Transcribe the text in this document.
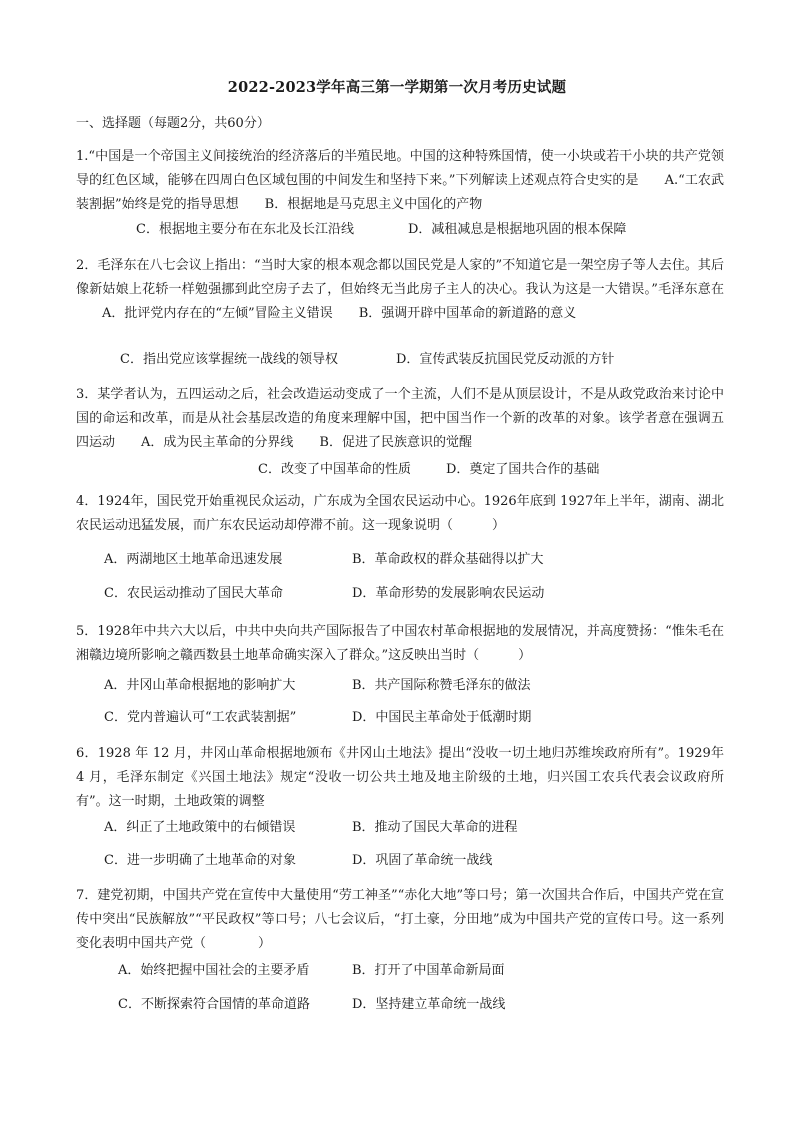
2022-2023学年高三第一学期第一次月考历史试题
一、选择题（每题2分，共60分）
1.“中国是一个帝国主义间接统治的经济落后的半殖民地。中国的这种特殊国情，使一小块或若干小块的共产党领导的红色区域，能够在四周白色区域包围的中间发生和坚持下来。”下列解读上述观点符合史实的是 A.“工农武装割据”始终是党的指导思想 B．根据地是马克思主义中国化的产物
C．根据地主要分布在东北及长江沿线	D．减租减息是根据地巩固的根本保障
2．毛泽东在八七会议上指出：“当时大家的根本观念都以国民党是人家的”不知道它是一架空房子等人去住。其后像新姑娘上花轿一样勉强挪到此空房子去了，但始终无当此房子主人的决心。我认为这是一大错误。”毛泽东意在A．批评党内存在的“左倾”冒险主义错误 B．强调开辟中国革命的新道路的意义
C．指出党应该掌握统一战线的领导权	D．宣传武装反抗国民党反动派的方针
3．某学者认为，五四运动之后，社会改造运动变成了一个主流，人们不是从顶层设计，不是从政党政治来讨论中国的命运和改革，而是从社会基层改造的角度来理解中国，把中国当作一个新的改革的对象。该学者意在强调五四运动 A．成为民主革命的分界线 B．促进了民族意识的觉醒
C．改变了中国革命的性质	D．奠定了国共合作的基础
4．1924年，国民党开始重视民众运动，广东成为全国农民运动中心。1926年底到 1927年上半年，湖南、湖北农民运动迅猛发展，而广东农民运动却停滞不前。这一现象说明（　　　）
A．两湖地区土地革命迅速发展	B．革命政权的群众基础得以扩大
C．农民运动推动了国民大革命	D．革命形势的发展影响农民运动
5．1928年中共六大以后，中共中央向共产国际报告了中国农村革命根据地的发展情况，并高度赞扬：“惟朱毛在湘赣边境所影响之赣西数县土地革命确实深入了群众。”这反映出当时（　　　）
A．井冈山革命根据地的影响扩大	B．共产国际称赞毛泽东的做法
C．党内普遍认可“工农武装割据”	D．中国民主革命处于低潮时期
6．1928 年 12 月，井冈山革命根据地颁布《井冈山土地法》提出“没收一切土地归苏维埃政府所有”。1929年 4 月，毛泽东制定《兴国土地法》规定“没收一切公共土地及地主阶级的土地，归兴国工农兵代表会议政府所有”。这一时期，土地政策的调整
A．纠正了土地政策中的右倾错误	B．推动了国民大革命的进程
C．进一步明确了土地革命的对象	D．巩固了革命统一战线
7．建党初期，中国共产党在宣传中大量使用“劳工神圣”“赤化大地”等口号；第一次国共合作后，中国共产党在宣传中突出“民族解放”“平民政权”等口号；八七会议后，“打土豪，分田地”成为中国共产党的宣传口号。这一系列变化表明中国共产党（　　　　）
A．始终把握中国社会的主要矛盾	B．打开了中国革命新局面
C．不断探索符合国情的革命道路	D．坚持建立革命统一战线
